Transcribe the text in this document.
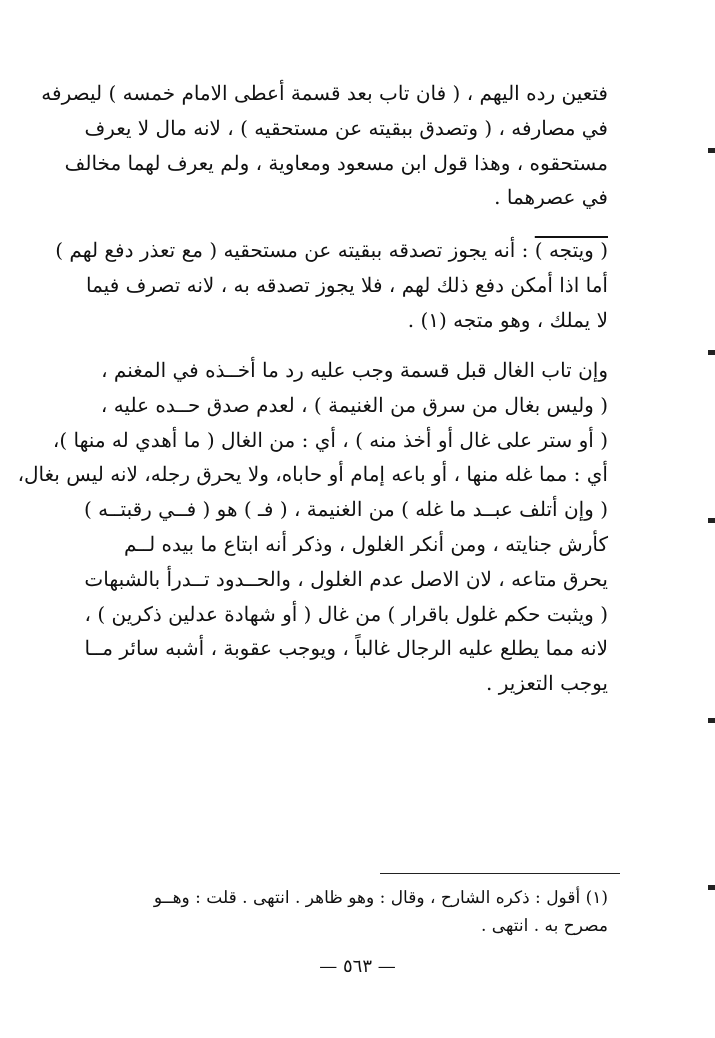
فتعين رده اليهم ، ( فان تاب بعد قسمة أعطى الامام خمسه ) ليصرفه
في مصارفه ، ( وتصدق ببقيته عن مستحقيه ) ، لانه مال لا يعرف
مستحقوه ، وهذا قول ابن مسعود ومعاوية ، ولم يعرف لهما مخالف
في عصرهما .
( ويتجه ) : أنه يجوز تصدقه ببقيته عن مستحقيه ( مع تعذر دفع لهم )
أما اذا أمكن دفع ذلك لهم ، فلا يجوز تصدقه به ، لانه تصرف فيما
لا يملك ، وهو متجه (١) .
وإن تاب الغال قبل قسمة وجب عليه رد ما أخــذه في المغنم ،
( وليس بغال من سرق من الغنيمة ) ، لعدم صدق حــده عليه ،
( أو ستر على غال أو أخذ منه ) ، أي : من الغال ( ما أهدي له منها )،
أي : مما غله منها ، أو باعه إمام أو حاباه، ولا يحرق رجله، لانه ليس بغال،
( وإن أتلف عبــد ما غله ) من الغنيمة ، ( فـ ) هو ( فــي رقبتــه )
كأرش جنايته ، ومن أنكر الغلول ، وذكر أنه ابتاع ما بيده لــم
يحرق متاعه ، لان الاصل عدم الغلول ، والحــدود تــدرأ بالشبهات
( ويثبت حكم غلول باقرار ) من غال ( أو شهادة عدلين ذكرين ) ،
لانه مما يطلع عليه الرجال غالباً ، ويوجب عقوبة ، أشبه سائر مــا
يوجب التعزير .
(١) أقول : ذكره الشارح ، وقال : وهو ظاهر . انتهى . قلت : وهــو
مصرح به . انتهى .
— ٥٦٣ —
